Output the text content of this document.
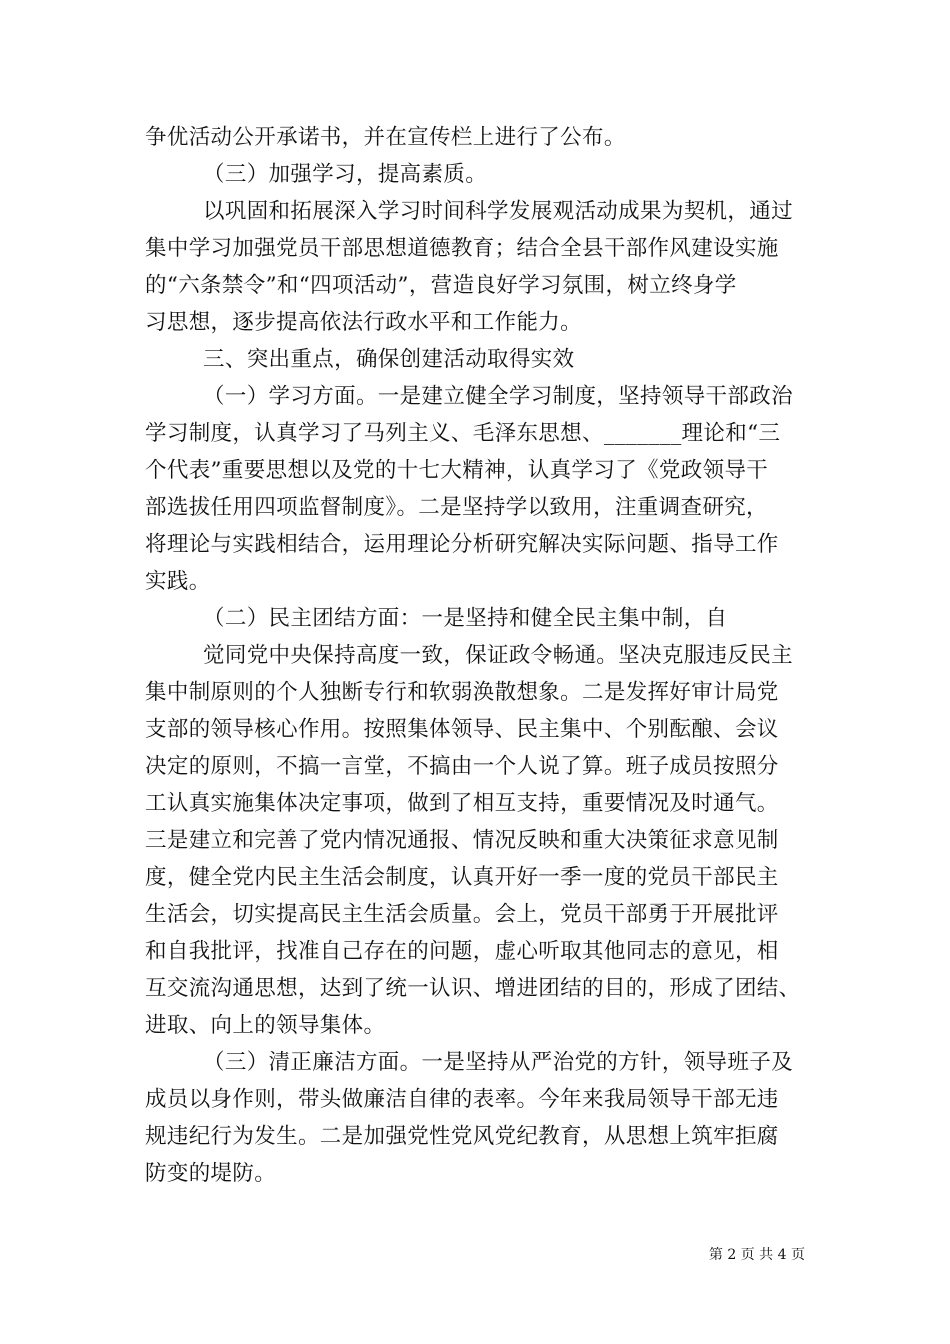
争优活动公开承诺书，并在宣传栏上进行了公布。
（三）加强学习，提高素质。
以巩固和拓展深入学习时间科学发展观活动成果为契机，通过
集中学习加强党员干部思想道德教育；结合全县干部作风建设实施
的“六条禁令”和“四项活动”，营造良好学习氛围，树立终身学
习思想，逐步提高依法行政水平和工作能力。
三、突出重点，确保创建活动取得实效
（一）学习方面。一是建立健全学习制度，坚持领导干部政治
学习制度，认真学习了马列主义、毛泽东思想、_______理论和“三
个代表”重要思想以及党的十七大精神，认真学习了《党政领导干
部选拔任用四项监督制度》。二是坚持学以致用，注重调查研究，
将理论与实践相结合，运用理论分析研究解决实际问题、指导工作
实践。
（二）民主团结方面：一是坚持和健全民主集中制，自
觉同党中央保持高度一致，保证政令畅通。坚决克服违反民主
集中制原则的个人独断专行和软弱涣散想象。二是发挥好审计局党
支部的领导核心作用。按照集体领导、民主集中、个别酝酿、会议
决定的原则，不搞一言堂，不搞由一个人说了算。班子成员按照分
工认真实施集体决定事项，做到了相互支持，重要情况及时通气。
三是建立和完善了党内情况通报、情况反映和重大决策征求意见制
度，健全党内民主生活会制度，认真开好一季一度的党员干部民主
生活会，切实提高民主生活会质量。会上，党员干部勇于开展批评
和自我批评，找准自己存在的问题，虚心听取其他同志的意见，相
互交流沟通思想，达到了统一认识、增进团结的目的，形成了团结、
进取、向上的领导集体。
（三）清正廉洁方面。一是坚持从严治党的方针，领导班子及
成员以身作则，带头做廉洁自律的表率。今年来我局领导干部无违
规违纪行为发生。二是加强党性党风党纪教育，从思想上筑牢拒腐
防变的堤防。
第 2 页 共 4 页
